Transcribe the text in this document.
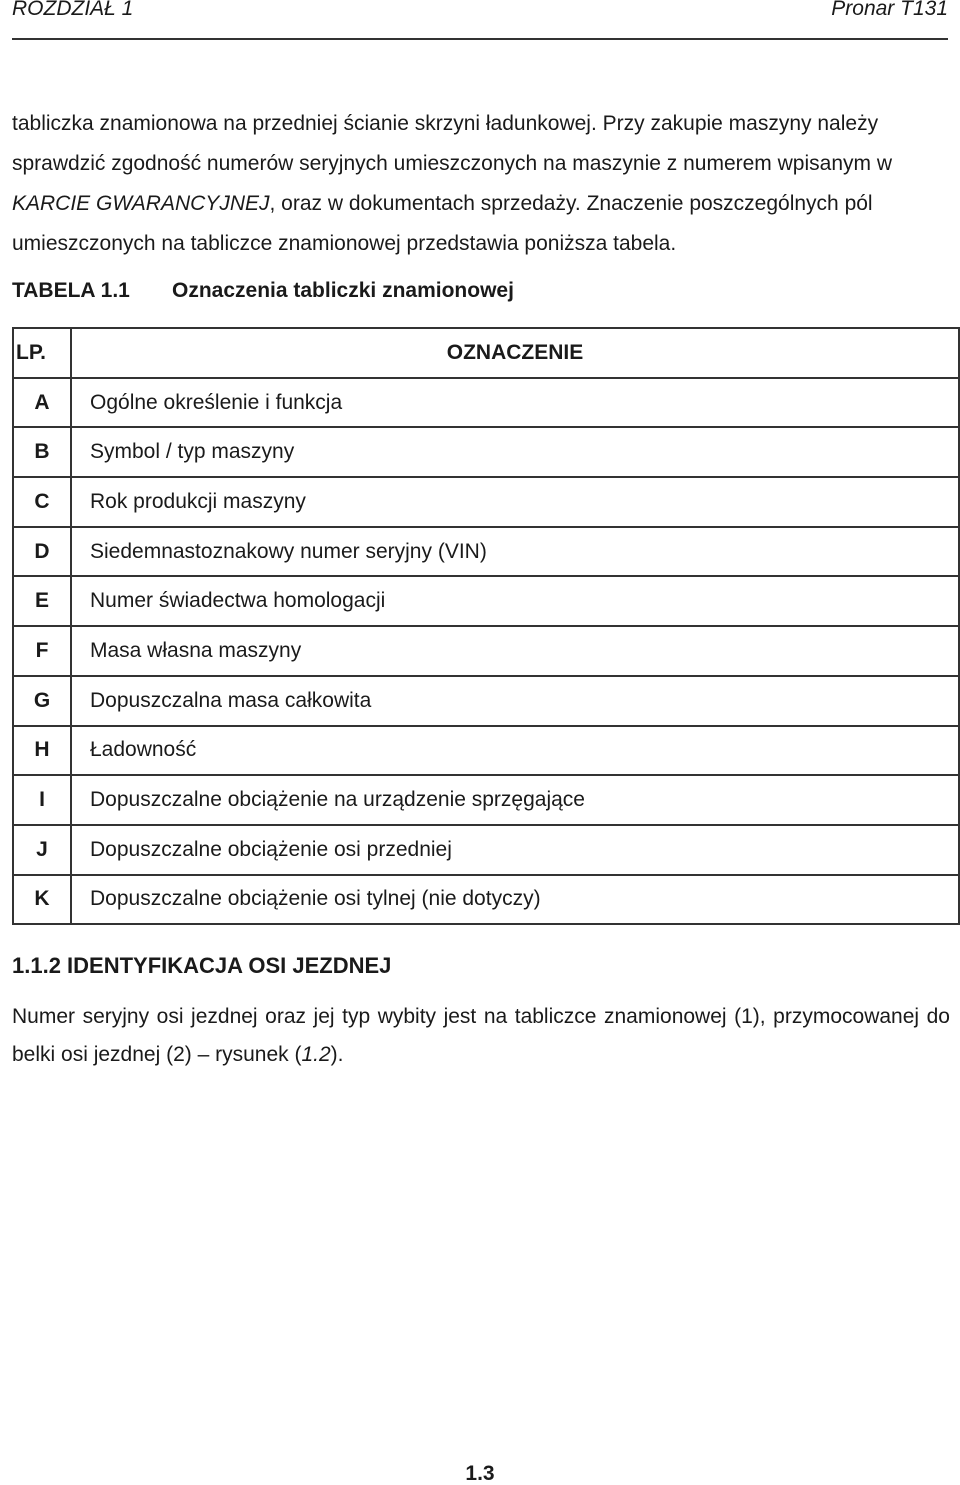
ROZDZIAŁ 1	Pronar T131

tabliczka znamionowa na przedniej ścianie skrzyni ładunkowej. Przy zakupie maszyny należy sprawdzić zgodność numerów seryjnych umieszczonych na maszynie z numerem wpisanym w KARCIE GWARANCYJNEJ, oraz w dokumentach sprzedaży. Znaczenie poszczególnych pól umieszczonych na tabliczce znamionowej przedstawia poniższa tabela.

TABELA 1.1 Oznaczenia tabliczki znamionowej
LP.	OZNACZENIE
A	Ogólne określenie i funkcja
B	Symbol / typ maszyny
C	Rok produkcji maszyny
D	Siedemnastoznakowy numer seryjny (VIN)
E	Numer świadectwa homologacji
F	Masa własna maszyny
G	Dopuszczalna masa całkowita
H	Ładowność
I	Dopuszczalne obciążenie na urządzenie sprzęgające
J	Dopuszczalne obciążenie osi przedniej
K	Dopuszczalne obciążenie osi tylnej (nie dotyczy)
1.1.2 IDENTYFIKACJA OSI JEZDNEJ

Numer seryjny osi jezdnej oraz jej typ wybity jest na tabliczce znamionowej (1), przymocowanej do belki osi jezdnej (2) – rysunek (1.2).

1.3
